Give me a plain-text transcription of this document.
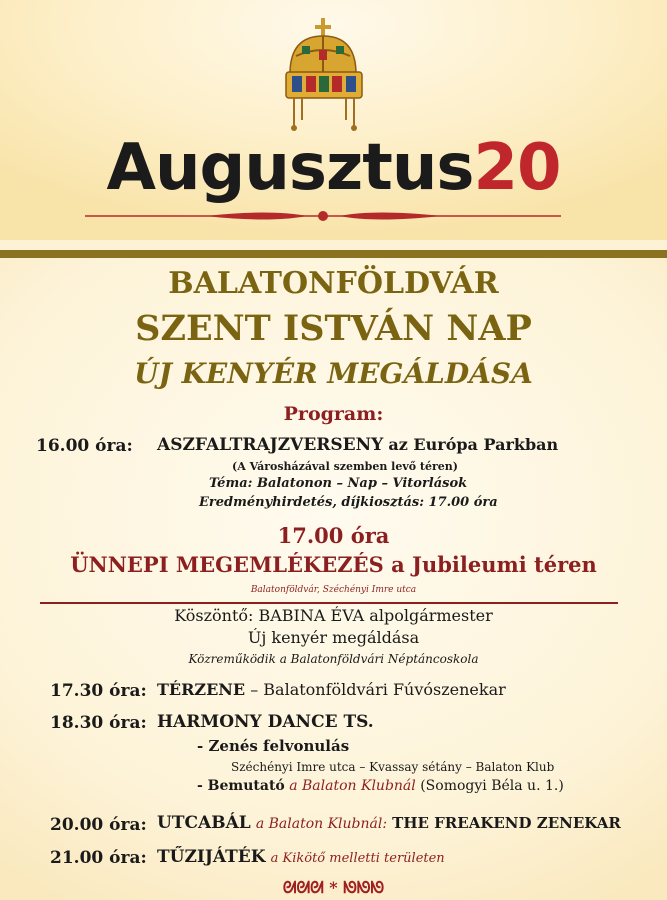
Augusztus20
BALATONFÖLDVÁR
SZENT ISTVÁN NAP
ÚJ KENYÉR MEGÁLDÁSA
Program:
16.00 óra: ASZFALTRAJZVERSENY az Európa Parkban
(A Városházával szemben levő téren)
Téma: Balatonon – Nap – Vitorlások
Eredményhirdetés, díjkiosztás: 17.00 óra
17.00 óra
ÜNNEPI MEGEMLÉKEZÉS a Jubileumi téren
Balatonföldvár, Széchényi Imre utca
Köszöntő: BABINA ÉVA alpolgármester
Új kenyér megáldása
Közreműködik a Balatonföldvári Néptáncoskola
17.30 óra: TÉRZENE – Balatonföldvári Fúvószenekar
18.30 óra: HARMONY DANCE TS.
- Zenés felvonulás
Széchényi Imre utca – Kvassay sétány – Balaton Klub
- Bemutató a Balaton Klubnál (Somogyi Béla u. 1.)
20.00 óra: UTCABÁL a Balaton Klubnál: THE FREAKEND ZENEKAR
21.00 óra: TŰZIJÁTÉK a Kikötő melletti területen
ᘛᘛᘛ * ᘚᘚᘚ
